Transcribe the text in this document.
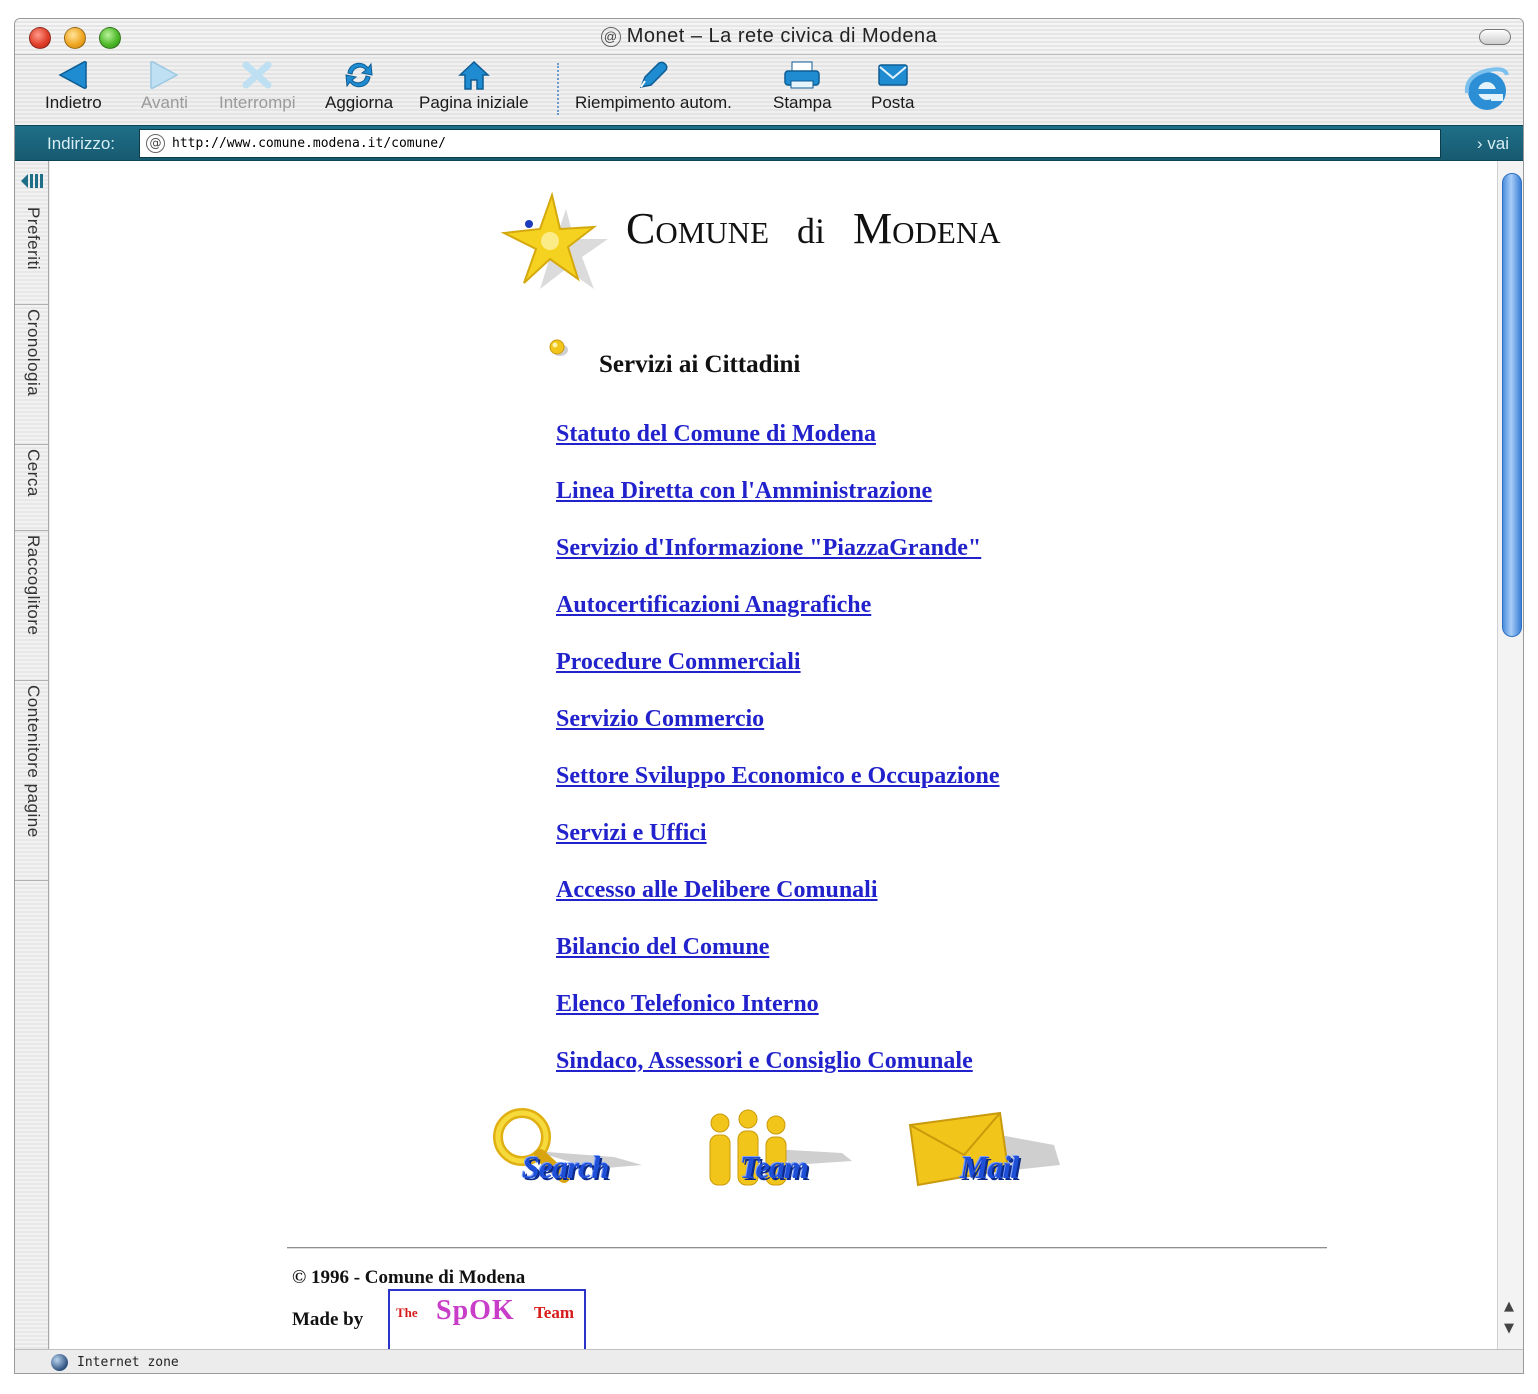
@ Monet – La rete civica di Modena
Indietro Avanti Interrompi Aggiorna Pagina iniziale	Riempimento autom. Stampa Posta
Indirizzo:	@ http://www.comune.modena.it/comune/	› vai
Preferiti
Cronologia
Cerca
Raccoglitore
Contenitore pagine
Comune di Modena
Servizi ai Cittadini
Statuto del Comune di Modena
Linea Diretta con l'Amministrazione
Servizio d'Informazione "PiazzaGrande"
Autocertificazioni Anagrafiche
Procedure Commerciali
Servizio Commercio
Settore Sviluppo Economico e Occupazione
Servizi e Uffici
Accesso alle Delibere Comunali
Bilancio del Comune
Elenco Telefonico Interno
Sindaco, Assessori e Consiglio Comunale
Search	Team	Mail
© 1996 - Comune di Modena
Made by	The SpOK Team	▲
▼
Internet zone
